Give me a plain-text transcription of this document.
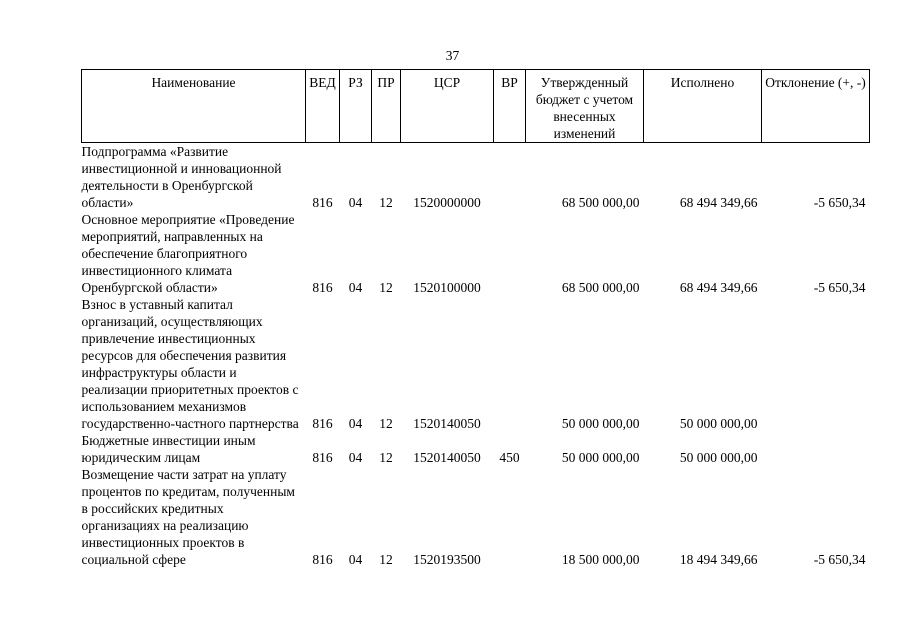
37
Наименование	ВЕД	РЗ	ПР	ЦСР	ВР	Утвержденный бюджет с учетом внесенных изменений	Исполнено	Отклонение (+, -)
Подпрограмма «Развитие инвестиционной и инновационной деятельности в Оренбургской области»	816	04	12	1520000000		68 500 000,00	68 494 349,66	-5 650,34
Основное мероприятие «Проведение мероприятий, направленных на обеспечение благоприятного инвестиционного климата Оренбургской области»	816	04	12	1520100000		68 500 000,00	68 494 349,66	-5 650,34
Взнос в уставный капитал организаций, осуществляющих привлечение инвестиционных ресурсов для обеспечения развития инфраструктуры области и реализации приоритетных проектов с использованием механизмов государственно-частного партнерства	816	04	12	1520140050		50 000 000,00	50 000 000,00	
Бюджетные инвестиции иным юридическим лицам	816	04	12	1520140050	450	50 000 000,00	50 000 000,00	
Возмещение части затрат на уплату процентов по кредитам, полученным в российских кредитных организациях на реализацию инвестиционных проектов в социальной сфере	816	04	12	1520193500		18 500 000,00	18 494 349,66	-5 650,34
